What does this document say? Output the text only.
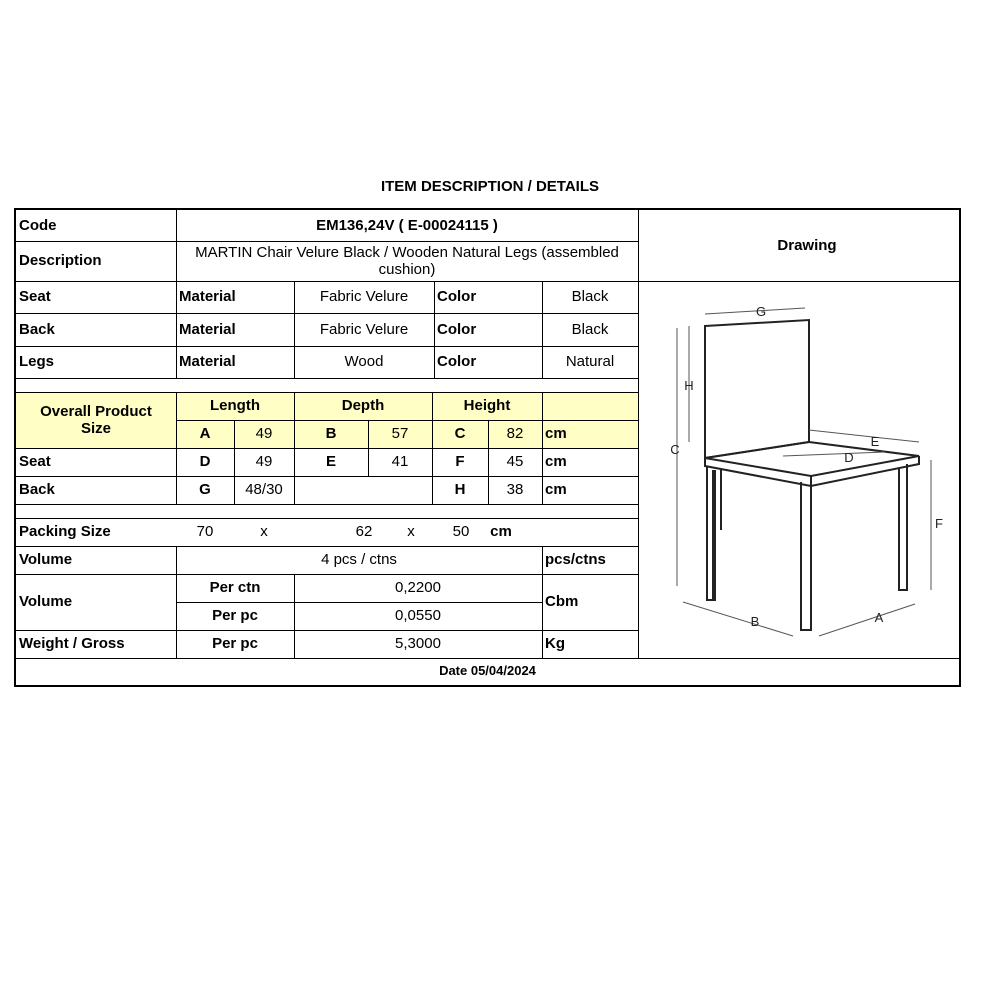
ITEM DESCRIPTION / DETAILS
Code	EM136,24V ( E-00024115 )
Description
MARTIN Chair Velure Black / Wooden Natural Legs (assembled cushion)
Drawing
Seat	Material	Fabric Velure	Color	Black
Back	Material	Fabric Velure	Color	Black
Legs	Material	Wood	Color	Natural
Overall Product Size
Length	Depth	Height
A	49	B	57	C	82	cm
Seat	D	49	E	41	F	45	cm
Back	G	48/30	H	38	cm
Packing Size	70	x	62	x	50	cm
Volume	4 pcs / ctns	pcs/ctns
Volume
Per ctn	0,2200
Per pc	0,0550
Cbm
Weight / Gross	Per pc	5,3000	Kg
Date 05/04/2024
G
H
C
E
D
F
B	A
